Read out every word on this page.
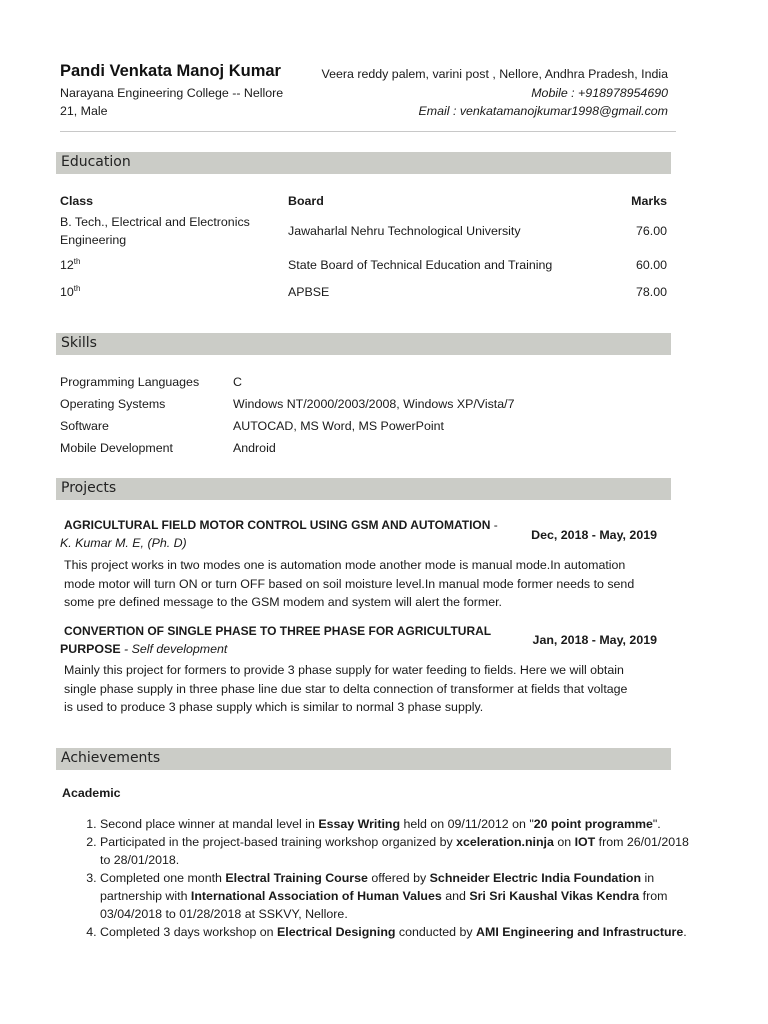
Pandi Venkata Manoj Kumar
Narayana Engineering College -- Nellore
21, Male
Veera reddy palem, varini post , Nellore, Andhra Pradesh, India
Mobile : +918978954690
Email : venkatamanojkumar1998@gmail.com
Education
Class	Board	Marks
B. Tech., Electrical and Electronics
Engineering
Jawaharlal Nehru Technological University	76.00
12th	State Board of Technical Education and Training	60.00
10th	APBSE	78.00
Skills
Programming Languages	C
Operating Systems	Windows NT/2000/2003/2008, Windows XP/Vista/7
Software	AUTOCAD, MS Word, MS PowerPoint
Mobile Development	Android
Projects
AGRICULTURAL FIELD MOTOR CONTROL USING GSM AND AUTOMATION -
K. Kumar M. E, (Ph. D)
Dec, 2018 - May, 2019
This project works in two modes one is automation mode another mode is manual mode.In automation
mode motor will turn ON or turn OFF based on soil moisture level.In manual mode former needs to send
some pre defined message to the GSM modem and system will alert the former.
CONVERTION OF SINGLE PHASE TO THREE PHASE FOR AGRICULTURAL
PURPOSE - Self development
Jan, 2018 - May, 2019
Mainly this project for formers to provide 3 phase supply for water feeding to fields. Here we will obtain
single phase supply in three phase line due star to delta connection of transformer at fields that voltage
is used to produce 3 phase supply which is similar to normal 3 phase supply.
Achievements
Academic
1. Second place winner at mandal level in Essay Writing held on 09/11/2012 on "20 point programme".
2. Participated in the project-based training workshop organized by xceleration.ninja on IOT from 26/01/2018 to 28/01/2018.
3. Completed one month Electral Training Course offered by Schneider Electric India Foundation in partnership with International Association of Human Values and Sri Sri Kaushal Vikas Kendra from 03/04/2018 to 01/28/2018 at SSKVY, Nellore.
4. Completed 3 days workshop on Electrical Designing conducted by AMI Engineering and Infrastructure.
